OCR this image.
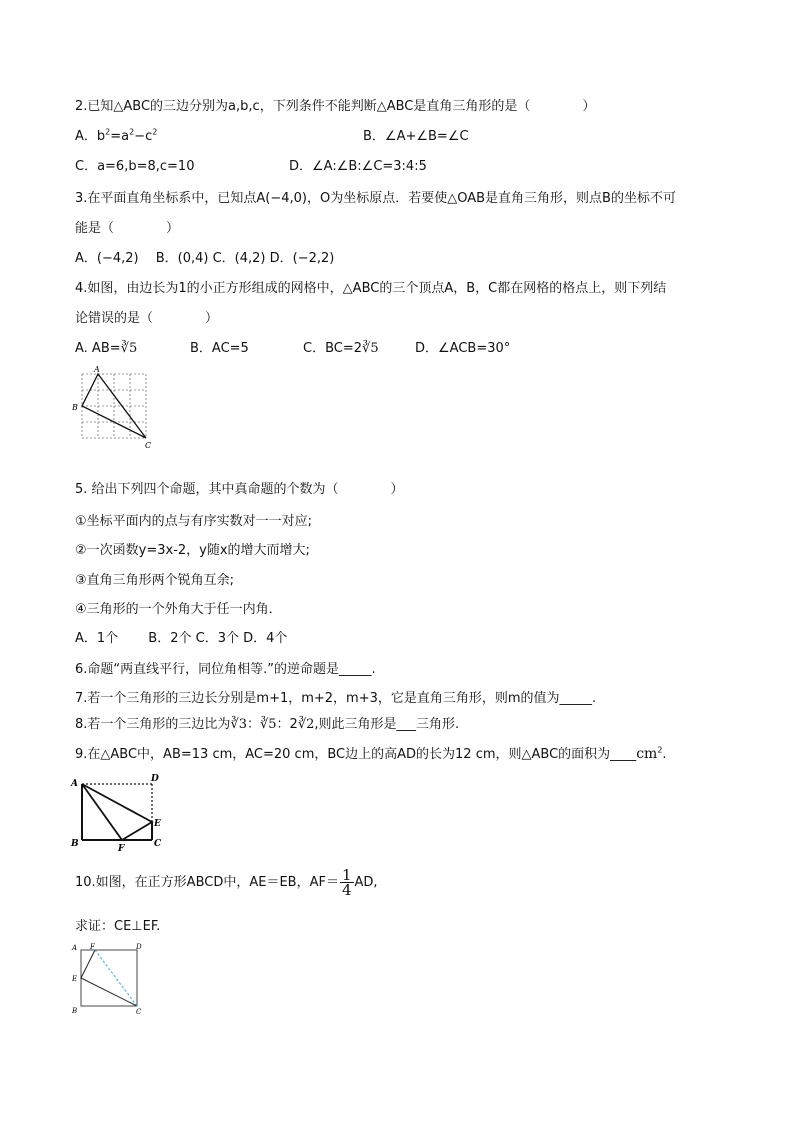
2.已知△ABC的三边分别为a,b,c，下列条件不能判断△ABC是直角三角形的是（　　　　）
A．$b^2=a^2-c^2$	B．∠A+∠B=∠C
C．a=6,b=8,c=10	D．∠A:∠B:∠C=3:4:5
3.在平面直角坐标系中，已知点A(−4,0)，O为坐标原点．若要使△OAB是直角三角形，则点B的坐标不可
能是（　　　　）
A．(−4,2)　 B．(0,4) C．(4,2) D．(−2,2)
4.如图，由边长为1的小正方形组成的网格中，△ABC的三个顶点A，B，C都在网格的格点上，则下列结
论错误的是（　　　　）
A. AB=∛5	B．AC=5	C．BC=2∛5	D．∠ACB=30°
A
B
C
5. 给出下列四个命题，其中真命题的个数为（　　　　）
①坐标平面内的点与有序实数对一一对应;
②一次函数y=3x-2，y随x的增大而增大;
③直角三角形两个锐角互余;
④三角形的一个外角大于任一内角．
A．1个　　 B．2个 C．3个 D．4个
6.命题“两直线平行，同位角相等.”的逆命题是_____.
7.若一个三角形的三边长分别是m+1，m+2，m+3，它是直角三角形，则m的值为_____.
8.若一个三角形的三边比为∛3：∛5：2∛2,则此三角形是___三角形.
9.在△ABC中，AB=13 cm，AC=20 cm，BC边上的高AD的长为12 cm，则△ABC的面积为$\_\_\_\_cm^2$.
A	D
E
B	F	C
10.如图，在正方形ABCD中，AE＝EB，$AF= \frac{1}{4}$ AD,
求证：CE⊥EF.
A F	D
E
B	C
